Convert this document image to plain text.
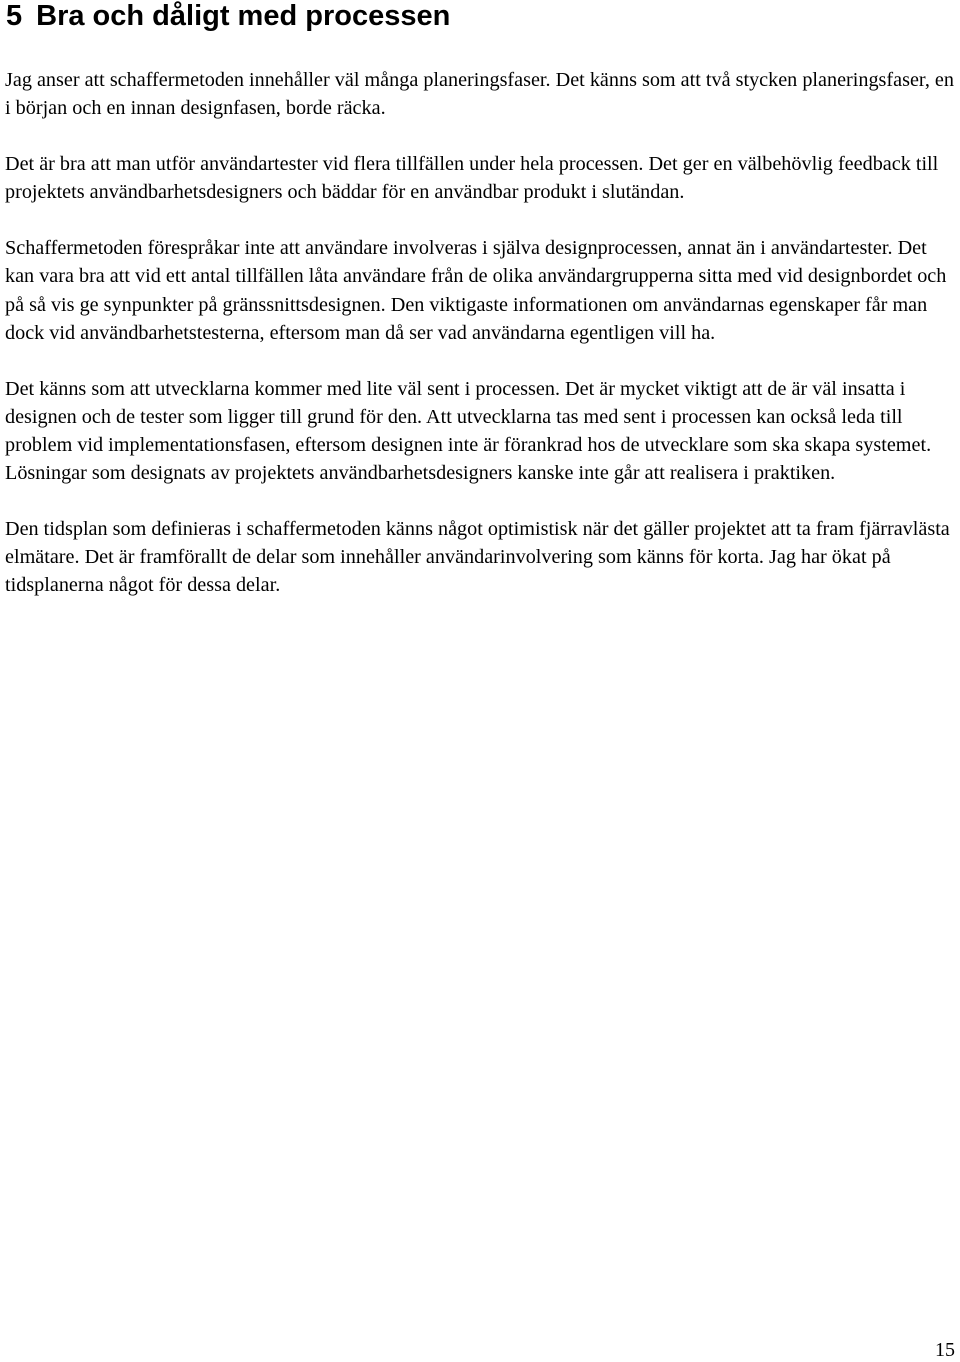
5 Bra och dåligt med processen

Jag anser att schaffermetoden innehåller väl många planeringsfaser. Det känns som att två stycken planeringsfaser, en i början och en innan designfasen, borde räcka.

Det är bra att man utför användartester vid flera tillfällen under hela processen. Det ger en välbehövlig feedback till projektets användbarhetsdesigners och bäddar för en användbar produkt i slutändan.

Schaffermetoden förespråkar inte att användare involveras i själva designprocessen, annat än i användartester. Det kan vara bra att vid ett antal tillfällen låta användare från de olika användargrupperna sitta med vid designbordet och på så vis ge synpunkter på gränssnittsdesignen. Den viktigaste informationen om användarnas egenskaper får man dock vid användbarhetstesterna, eftersom man då ser vad användarna egentligen vill ha.

Det känns som att utvecklarna kommer med lite väl sent i processen. Det är mycket viktigt att de är väl insatta i designen och de tester som ligger till grund för den. Att utvecklarna tas med sent i processen kan också leda till problem vid implementationsfasen, eftersom designen inte är förankrad hos de utvecklare som ska skapa systemet. Lösningar som designats av projektets användbarhetsdesigners kanske inte går att realisera i praktiken.

Den tidsplan som definieras i schaffermetoden känns något optimistisk när det gäller projektet att ta fram fjärravlästa elmätare. Det är framförallt de delar som innehåller användarinvolvering som känns för korta. Jag har ökat på tidsplanerna något för dessa delar.

15
